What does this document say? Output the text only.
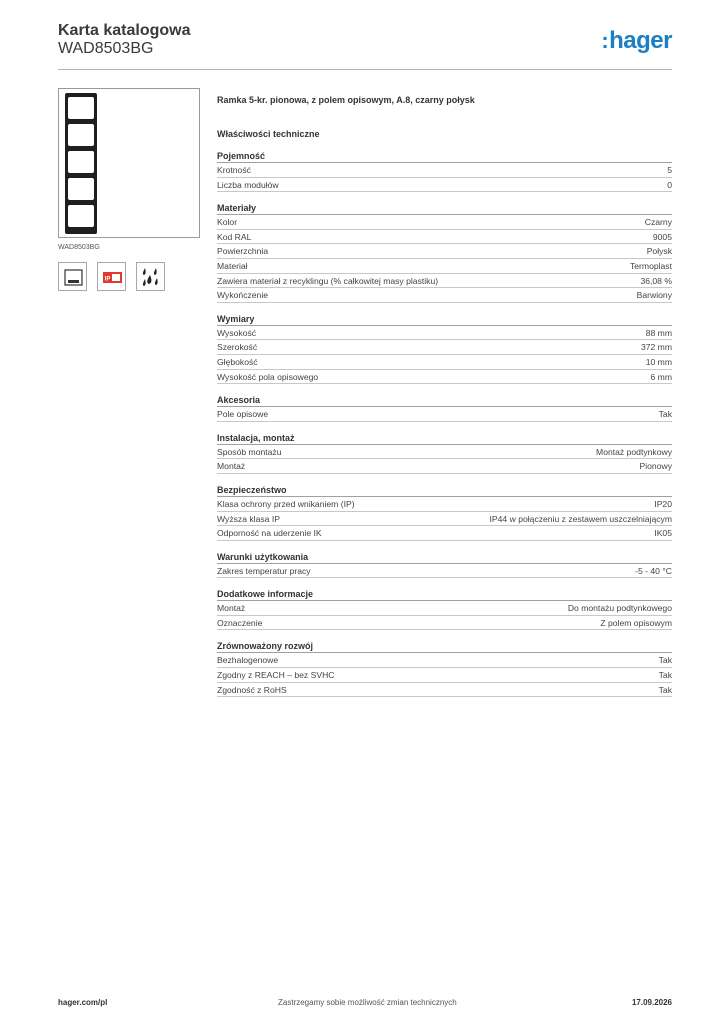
Karta katalogowa
WAD8503BG	:hager
WAD8503BG
IP
Ramka 5-kr. pionowa, z polem opisowym, A.8, czarny połysk
Właściwości techniczne
Pojemność
Krotność	5
Liczba modułów	0
Materiały
Kolor	Czarny
Kod RAL	9005
Powierzchnia	Połysk
Materiał	Termoplast
Zawiera materiał z recyklingu (% całkowitej masy plastiku)	36,08 %
Wykończenie	Barwiony
Wymiary
Wysokość	88 mm
Szerokość	372 mm
Głębokość	10 mm
Wysokość pola opisowego	6 mm
Akcesoria
Pole opisowe	Tak
Instalacja, montaż
Sposób montażu	Montaż podtynkowy
Montaż	Pionowy
Bezpieczeństwo
Klasa ochrony przed wnikaniem (IP)	IP20
Wyższa klasa IP	IP44 w połączeniu z zestawem uszczelniającym
Odporność na uderzenie IK	IK05
Warunki użytkowania
Zakres temperatur pracy	-5 - 40 °C
Dodatkowe informacje
Montaż	Do montażu podtynkowego
Oznaczenie	Z polem opisowym
Zrównoważony rozwój
Bezhalogenowe	Tak
Zgodny z REACH – bez SVHC	Tak
Zgodność z RoHS	Tak
hager.com/pl	Zastrzegamy sobie możliwość zmian technicznych	17.09.2026
